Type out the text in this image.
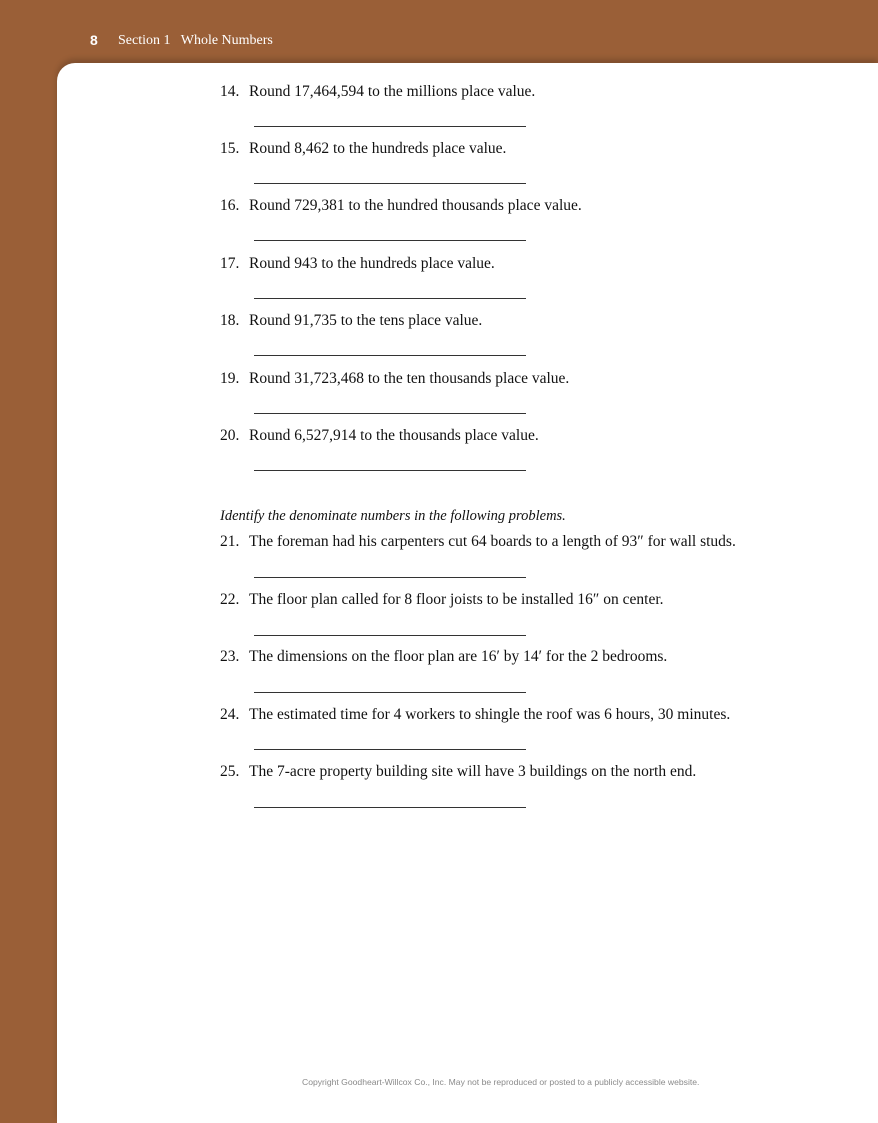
8 Section 1   Whole Numbers
14. Round 17,464,594 to the millions place value.
15. Round 8,462 to the hundreds place value.
16. Round 729,381 to the hundred thousands place value.
17. Round 943 to the hundreds place value.
18. Round 91,735 to the tens place value.
19. Round 31,723,468 to the ten thousands place value.
20. Round 6,527,914 to the thousands place value.
Identify the denominate numbers in the following problems.
21. The foreman had his carpenters cut 64 boards to a length of 93″ for wall studs.
22. The floor plan called for 8 floor joists to be installed 16″ on center.
23. The dimensions on the floor plan are 16′ by 14′ for the 2 bedrooms.
24. The estimated time for 4 workers to shingle the roof was 6 hours, 30 minutes.
25. The 7-acre property building site will have 3 buildings on the north end.
Copyright Goodheart-Willcox Co., Inc. May not be reproduced or posted to a publicly accessible website.
